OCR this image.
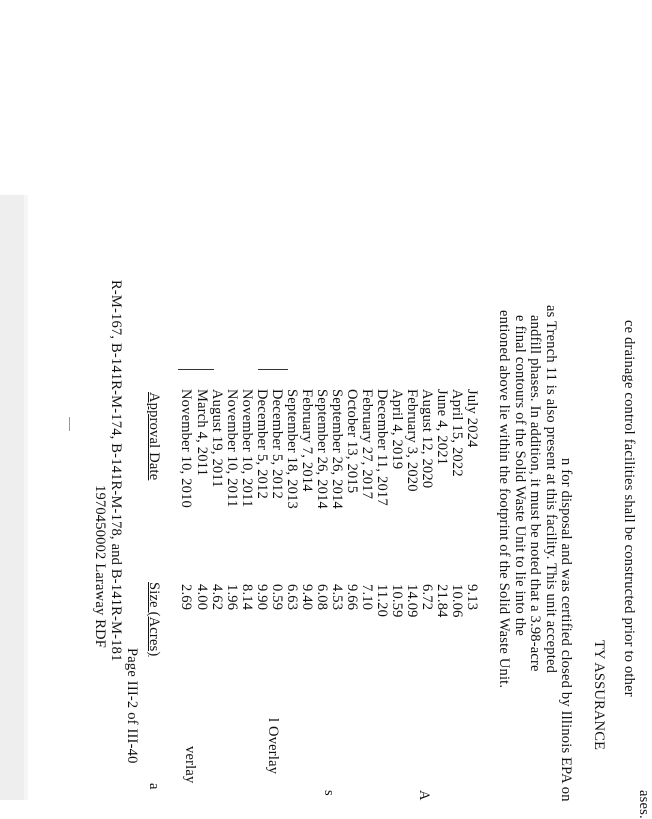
1970450002 Laraway RDF R-M-167, B-141R-M-174, B-141R-M-178, and B-141R-M-181
Page III-2 of III-40
a
verlay	l Overlay
s	A
Size (Acres)
Approval Date
2.69
November 10, 2010
4.00
March 4, 2011
4.62
August 19, 2011
1.96
November 10, 2011
8.14
November 10, 2011
9.90
December 5, 2012
0.59
December 5, 2012
6.63
September 18, 2013
9.40
February 7, 2014
6.08
September 26, 2014
4.53
September 26, 2014
9.66
October 13, 2015
7.10
February 27, 2017
11.20
December 11, 2017
10.59
April 4, 2019
14.09
February 3, 2020
6.72
August 12, 2020
21.84
June 4, 2021
10.06
April 15, 2022
9.13
July 2024 entioned above lie within the footprint of the Solid Waste Unit. e final contours of the Solid Waste Unit to lie into the andfill phases. In addition, it must be noted that a 3.98-acre as Trench 11 is also present at this facility. This unit accepted n for disposal and was certified closed by Illinois EPA on TY ASSURANCE ce drainage control facilities shall be constructed prior to other
ases.
